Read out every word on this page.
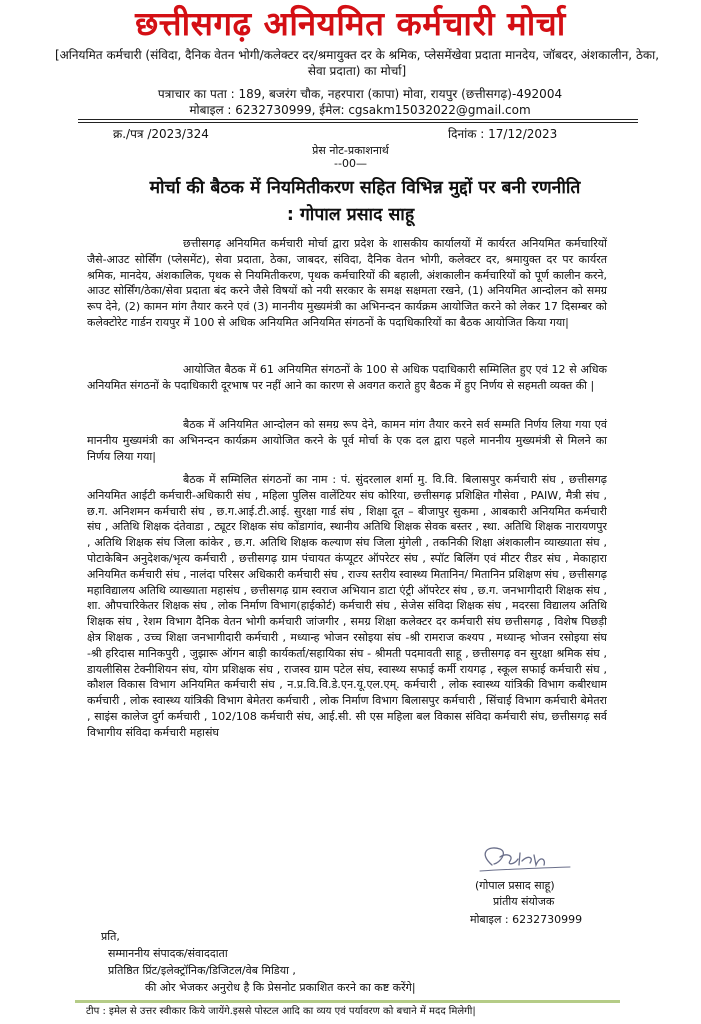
छत्तीसगढ़ अनियमित कर्मचारी मोर्चा
[अनियमित कर्मचारी (संविदा, दैनिक वेतन भोगी/कलेक्टर दर/श्रमायुक्त दर के श्रमिक, प्लेसमेंखेवा प्रदाता मानदेय, जॉबदर, अंशकालीन, ठेका, सेवा प्रदाता) का मोर्चा]
पत्राचार का पता : 189, बजरंग चौक, नहरपारा (कापा) मोवा, रायपुर (छत्तीसगढ़)-492004
मोबाइल : 6232730999, ईमेल: cgsakm15032022@gmail.com
क्र./पत्र /2023/324	दिनांक : 17/12/2023
प्रेस नोट-प्रकाशनार्थ
--00—
मोर्चा की बैठक में नियमितीकरण सहित विभिन्न मुद्दों पर बनी रणनीति
: गोपाल प्रसाद साहू
छत्तीसगढ़ अनियमित कर्मचारी मोर्चा द्वारा प्रदेश के शासकीय कार्यालयों में कार्यरत अनियमित कर्मचारियों जैसे-आउट सोर्सिंग (प्लेसमेंट), सेवा प्रदाता, ठेका, जाबदर, संविदा, दैनिक वेतन भोगी, कलेक्टर दर, श्रमायुक्त दर पर कार्यरत श्रमिक, मानदेय, अंशकालिक, पृथक से नियमितीकरण, पृथक कर्मचारियों की बहाली, अंशकालीन कर्मचारियों को पूर्ण कालीन करने, आउट सोर्सिंग/ठेका/सेवा प्रदाता बंद करने जैसे विषयों को नयी सरकार के समक्ष सक्षमता रखने, (1) अनियमित आन्दोलन को समग्र रूप देने, (2) कामन मांग तैयार करने एवं (3) माननीय मुख्यमंत्री का अभिनन्दन कार्यक्रम आयोजित करने को लेकर 17 दिसम्बर को कलेक्टोरेट गार्डन रायपुर में 100 से अधिक अनियमित अनियमित संगठनों के पदाधिकारियों का बैठक आयोजित किया गया|
आयोजित बैठक में 61 अनियमित संगठनों के 100 से अधिक पदाधिकारी सम्मिलित हुए एवं 12 से अधिक अनियमित संगठनों के पदाधिकारी दूरभाष पर नहीं आने का कारण से अवगत कराते हुए बैठक में हुए निर्णय से सहमती व्यक्त की |
बैठक में अनियमित आन्दोलन को समग्र रूप देने, कामन मांग तैयार करने सर्व सम्मति निर्णय लिया गया एवं माननीय मुख्यमंत्री का अभिनन्दन कार्यक्रम आयोजित करने के पूर्व मोर्चा के एक दल द्वारा पहले माननीय मुख्यमंत्री से मिलने का निर्णय लिया गया|
बैठक में सम्मिलित संगठनों का नाम : पं. सुंदरलाल शर्मा मु. वि.वि. बिलासपुर कर्मचारी संघ , छत्तीसगढ़ अनियमित आईटी कर्मचारी-अधिकारी संघ , महिला पुलिस वालेंटियर संघ कोरिया, छत्तीसगढ़ प्रशिक्षित गौसेवा , PAIW, मैत्री संघ , छ.ग. अनिशमन कर्मचारी संघ , छ.ग.आई.टी.आई. सुरक्षा गार्ड संघ , शिक्षा दूत – बीजापुर सुकमा , आबकारी अनियमित कर्मचारी संघ , अतिथि शिक्षक दंतेवाडा , ट्यूटर शिक्षक संघ कोंडागांव, स्थानीय अतिथि शिक्षक सेवक बस्तर , स्था. अतिथि शिक्षक नारायणपुर , अतिथि शिक्षक संघ जिला कांकेर , छ.ग. अतिथि शिक्षक कल्याण संघ जिला मुंगेली , तकनिकी शिक्षा अंशकालीन व्याख्याता संघ , पोटाकेबिन अनुदेशक/भृत्य कर्मचारी , छत्तीसगढ़ ग्राम पंचायत कंप्यूटर ऑपरेटर संघ , स्पॉट बिलिंग एवं मीटर रीडर संघ , मेकाहारा अनियमित कर्मचारी संघ , नालंदा परिसर अधिकारी कर्मचारी संघ , राज्य स्तरीय स्वास्थ्य मितानिन/ मितानिन प्रशिक्षण संघ , छत्तीसगढ़ महाविद्यालय अतिथि व्याख्याता महासंघ , छत्तीसगढ़ ग्राम स्वराज अभियान डाटा एंट्री ऑपरेटर संघ , छ.ग. जनभागीदारी शिक्षक संघ , शा. औपचारिकेतर शिक्षक संघ , लोक निर्माण विभाग(हाईकोर्ट) कर्मचारी संघ , सेजेस संविदा शिक्षक संघ , मदरसा विद्यालय अतिथि शिक्षक संघ , रेशम विभाग दैनिक वेतन भोगी कर्मचारी जांजगीर , समग्र शिक्षा कलेक्टर दर कर्मचारी संघ छत्तीसगढ़ , विशेष पिछड़ी क्षेत्र शिक्षक , उच्च शिक्षा जनभागीदारी कर्मचारी , मध्यान्ह भोजन रसोइया संघ -श्री रामराज कश्यप , मध्यान्ह भोजन रसोइया संघ -श्री हरिदास मानिकपुरी , जुझारू ऑगन बाड़ी कार्यकर्ता/सहायिका संघ - श्रीमती पदमावती साहू , छत्तीसगढ़ वन सुरक्षा श्रमिक संघ , डायलीसिस टेक्नीशियन संघ, योग प्रशिक्षक संघ , राजस्व ग्राम पटेल संघ, स्वास्थ्य सफाई कर्मी रायगढ़ , स्कूल सफाई कर्मचारी संघ , कौशल विकास विभाग अनियमित कर्मचारी संघ , न.प्र.वि.वि.डे.एन.यू.एल.एम्. कर्मचारी , लोक स्वास्थ्य यांत्रिकी विभाग कबीरधाम कर्मचारी , लोक स्वास्थ्य यांत्रिकी विभाग बेमेतरा कर्मचारी , लोक निर्माण विभाग बिलासपुर कर्मचारी , सिंचाई विभाग कर्मचारी बेमेतरा , साइंस कालेज दुर्ग कर्मचारी , 102/108 कर्मचारी संघ, आई.सी. सी एस महिला बल विकास संविदा कर्मचारी संघ, छत्तीसगढ़ सर्व विभागीय संविदा कर्मचारी महासंघ
(गोपाल प्रसाद साहू)
प्रांतीय संयोजक
मोबाइल : 6232730999
प्रति,
सम्माननीय संपादक/संवाददाता
प्रतिष्ठित प्रिंट/इलेक्ट्रॉनिक/डिजिटल/वेब मिडिया ,
की ओर भेजकर अनुरोध है कि प्रेसनोट प्रकाशित करने का कष्ट करेंगे|
टीप : इमेल से उत्तर स्वीकार किये जायेंगे.इससे पोस्टल आदि का व्यय एवं पर्यावरण को बचाने में मदद मिलेगी|
